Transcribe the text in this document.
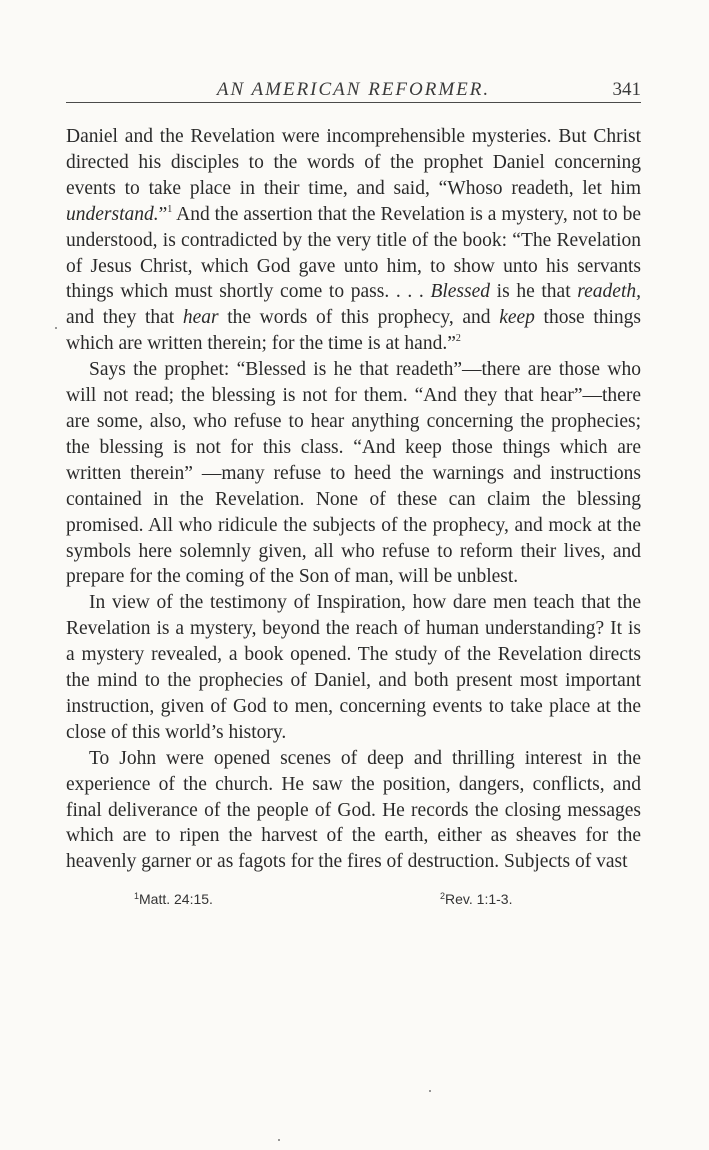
AN AMERICAN REFORMER.	341

Daniel and the Revelation were incomprehensible mysteries. But Christ directed his disciples to the words of the prophet Daniel concerning events to take place in their time, and said, “Whoso readeth, let him understand.”$^1$ And the assertion that the Revelation is a mystery, not to be understood, is contradicted by the very title of the book: “The Revelation of Jesus Christ, which God gave unto him, to show unto his servants things which must shortly come to pass. . . . Blessed is he that readeth, and they that hear the words of this prophecy, and keep those things which are written therein; for the time is at hand.”$^2$

Says the prophet: “Blessed is he that readeth”—there are those who will not read; the blessing is not for them. “And they that hear”—there are some, also, who refuse to hear anything concerning the prophecies; the blessing is not for this class. “And keep those things which are written therein” —many refuse to heed the warnings and instructions contained in the Revelation. None of these can claim the blessing promised. All who ridicule the subjects of the prophecy, and mock at the symbols here solemnly given, all who refuse to reform their lives, and prepare for the coming of the Son of man, will be unblest.

In view of the testimony of Inspiration, how dare men teach that the Revelation is a mystery, beyond the reach of human understanding? It is a mystery revealed, a book opened. The study of the Revelation directs the mind to the prophecies of Daniel, and both present most important instruction, given of God to men, concerning events to take place at the close of this world’s history.

To John were opened scenes of deep and thrilling interest in the experience of the church. He saw the position, dangers, conflicts, and final deliverance of the people of God. He records the closing messages which are to ripen the harvest of the earth, either as sheaves for the heavenly garner or as fagots for the fires of destruction. Subjects of vast

$^1$Matt. 24:15.	$^2$Rev. 1:1-3.
